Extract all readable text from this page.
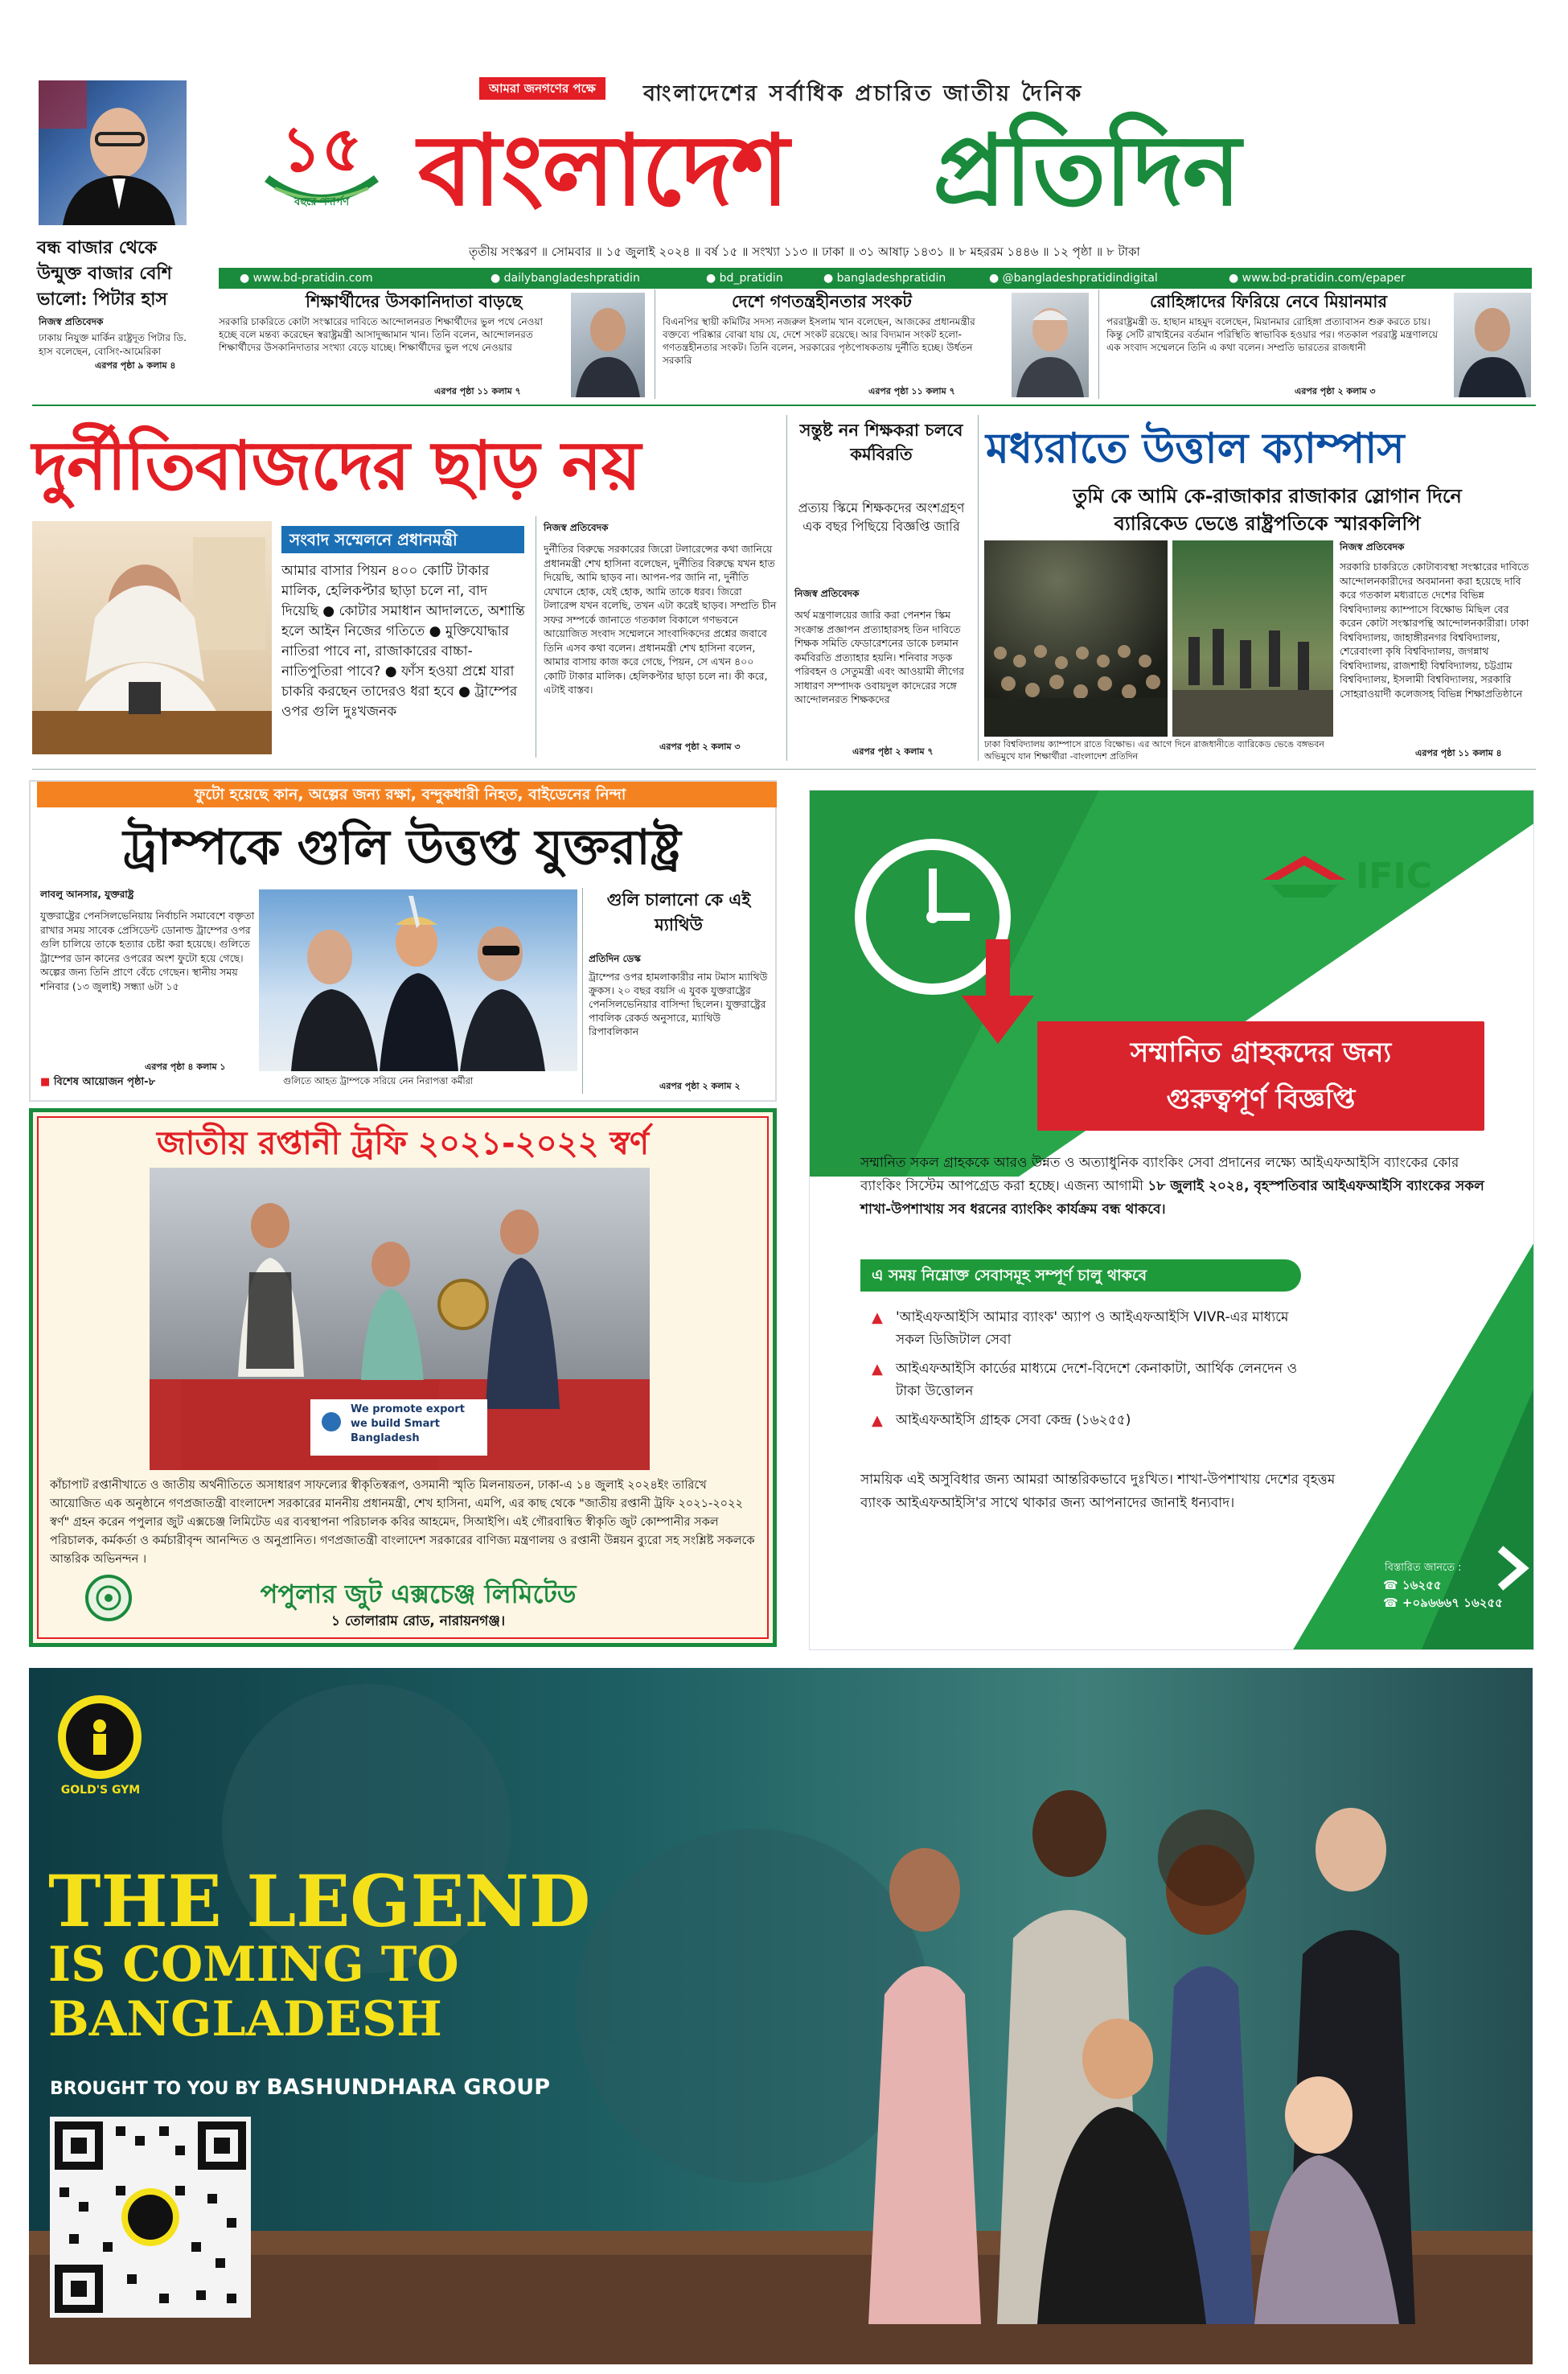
বন্ধ বাজার থেকে উন্মুক্ত বাজার বেশি ভালো: পিটার হাস
নিজস্ব প্রতিবেদক
ঢাকায় নিযুক্ত মার্কিন রাষ্ট্রদূত পিটার ডি. হাস বলেছেন, বোসিং-আমেরিকা
এরপর পৃষ্ঠা ৯ কলাম ৪
আমরা জনগণের পক্ষে	বাংলাদেশের সর্বাধিক প্রচারিত জাতীয় দৈনিক
১৫
বছরে পদার্পণ বাংলাদেশ প্রতিদিন
তৃতীয় সংস্করণ ॥ সোমবার ॥ ১৫ জুলাই ২০২৪ ॥ বর্ষ ১৫ ॥ সংখ্যা ১১৩ ॥ ঢাকা ॥ ৩১ আষাঢ় ১৪৩১ ॥ ৮ মহররম ১৪৪৬ ॥ ১২ পৃষ্ঠা ॥ ৮ টাকা
● www.bd-pratidin.com	● dailybangladeshpratidin	● bd_pratidin	● bangladeshpratidin	● @bangladeshpratidindigital	● www.bd-pratidin.com/epaper
শিক্ষার্থীদের উসকানিদাতা বাড়ছে
সরকারি চাকরিতে কোটা সংস্কারের দাবিতে আন্দোলনরত শিক্ষার্থীদের ভুল পথে নেওয়া হচ্ছে বলে মন্তব্য করেছেন স্বরাষ্ট্রমন্ত্রী আসাদুজ্জামান খান। তিনি বলেন, আন্দোলনরত শিক্ষার্থীদের উসকানিদাতার সংখ্যা বেড়ে যাচ্ছে। শিক্ষার্থীদের ভুল পথে নেওয়ার
এরপর পৃষ্ঠা ১১ কলাম ৭
দেশে গণতন্ত্রহীনতার সংকট
বিএনপির স্থায়ী কমিটির সদস্য নজরুল ইসলাম খান বলেছেন, আজকের প্রধানমন্ত্রীর বক্তব্যে পরিষ্কার বোঝা যায় যে, দেশে সংকট রয়েছে। আর বিদ্যমান সংকট হলো- গণতন্ত্রহীনতার সংকট। তিনি বলেন, সরকারের পৃষ্ঠপোষকতায় দুর্নীতি হচ্ছে। উর্ধতন সরকারি
এরপর পৃষ্ঠা ১১ কলাম ৭
রোহিঙ্গাদের ফিরিয়ে নেবে মিয়ানমার
পররাষ্ট্রমন্ত্রী ড. হাছান মাহমুদ বলেছেন, মিয়ানমার রোহিঙ্গা প্রত্যাবাসন শুরু করতে চায়। কিন্তু সেটি রাখাইনের বর্তমান পরিস্থিতি স্বাভাবিক হওয়ার পর। গতকাল পররাষ্ট্র মন্ত্রণালয়ে এক সংবাদ সম্মেলনে তিনি এ কথা বলেন। সম্প্রতি ভারতের রাজধানী
এরপর পৃষ্ঠা ২ কলাম ৩
দুর্নীতিবাজদের ছাড় নয়
সংবাদ সম্মেলনে প্রধানমন্ত্রী
আমার বাসার পিয়ন ৪০০ কোটি টাকার মালিক, হেলিকপ্টার ছাড়া চলে না, বাদ দিয়েছি ● কোটার সমাধান আদালতে, অশান্তি হলে আইন নিজের গতিতে ● মুক্তিযোদ্ধার নাতিরা পাবে না, রাজাকারের বাচ্চা-নাতিপুতিরা পাবে? ● ফাঁস হওয়া প্রশ্নে যারা চাকরি করছেন তাদেরও ধরা হবে ● ট্রাম্পের ওপর গুলি দুঃখজনক
নিজস্ব প্রতিবেদক
দুর্নীতির বিরুদ্ধে সরকারের জিরো টলারেন্সের কথা জানিয়ে প্রধানমন্ত্রী শেখ হাসিনা বলেছেন, দুর্নীতির বিরুদ্ধে যখন হাত দিয়েছি, আমি ছাড়ব না। আপন-পর জানি না, দুর্নীতি যেখানে হোক, যেই হোক, আমি তাকে ধরব। জিরো টলারেন্স যখন বলেছি, তখন এটা করেই ছাড়ব। সম্প্রতি চীন সফর সম্পর্কে জানাতে গতকাল বিকালে গণভবনে আয়োজিত সংবাদ সম্মেলনে সাংবাদিকদের প্রশ্নের জবাবে তিনি এসব কথা বলেন। প্রধানমন্ত্রী শেখ হাসিনা বলেন, আমার বাসায় কাজ করে গেছে, পিয়ন, সে এখন ৪০০ কোটি টাকার মালিক। হেলিকপ্টার ছাড়া চলে না। কী করে, এটাই বাস্তব।
এরপর পৃষ্ঠা ২ কলাম ৩
সন্তুষ্ট নন শিক্ষকরা চলবে কর্মবিরতি
প্রত্যয় স্কিমে শিক্ষকদের অংশগ্রহণ এক বছর পিছিয়ে বিজ্ঞপ্তি জারি
নিজস্ব প্রতিবেদক
অর্থ মন্ত্রণালয়ের জারি করা পেনশন স্কিম সংক্রান্ত প্রজ্ঞাপন প্রত্যাহারসহ তিন দাবিতে শিক্ষক সমিতি ফেডারেশনের ডাকে চলমান কর্মবিরতি প্রত্যাহার হয়নি। শনিবার সড়ক পরিবহন ও সেতুমন্ত্রী এবং আওয়ামী লীগের সাধারণ সম্পাদক ওবায়দুল কাদেরের সঙ্গে আন্দোলনরত শিক্ষকদের
এরপর পৃষ্ঠা ২ কলাম ৭
মধ্যরাতে উত্তাল ক্যাম্পাস
তুমি কে আমি কে-রাজাকার রাজাকার স্লোগান দিনে ব্যারিকেড ভেঙে রাষ্ট্রপতিকে স্মারকলিপি
ঢাকা বিশ্ববিদ্যালয় ক্যাম্পাসে রাতে বিক্ষোভ। এর আগে দিনে রাজধানীতে ব্যারিকেড ভেঙে বঙ্গভবন অভিমুখে যান শিক্ষার্থীরা -বাংলাদেশ প্রতিদিন
নিজস্ব প্রতিবেদক
সরকারি চাকরিতে কোটাব্যবস্থা সংস্কারের দাবিতে আন্দোলনকারীদের অবমাননা করা হয়েছে দাবি করে গতকাল মধ্যরাতে দেশের বিভিন্ন বিশ্ববিদ্যালয় ক্যাম্পাসে বিক্ষোভ মিছিল বের করেন কোটা সংস্কারপন্থি আন্দোলনকারীরা। ঢাকা বিশ্ববিদ্যালয়, জাহাঙ্গীরনগর বিশ্ববিদ্যালয়, শেরেবাংলা কৃষি বিশ্ববিদ্যালয়, জগন্নাথ বিশ্ববিদ্যালয়, রাজশাহী বিশ্ববিদ্যালয়, চট্টগ্রাম বিশ্ববিদ্যালয়, ইসলামী বিশ্ববিদ্যালয়, সরকারি সোহরাওয়ার্দী কলেজসহ বিভিন্ন শিক্ষাপ্রতিষ্ঠানে
এরপর পৃষ্ঠা ১১ কলাম ৪
ফুটো হয়েছে কান, অল্পের জন্য রক্ষা, বন্দুকধারী নিহত, বাইডেনের নিন্দা
ট্রাম্পকে গুলি উত্তপ্ত যুক্তরাষ্ট্র
লাবলু আনসার, যুক্তরাষ্ট্র
যুক্তরাষ্ট্রের পেনসিলভেনিয়ায় নির্বাচনি সমাবেশে বক্তৃতা রাখার সময় সাবেক প্রেসিডেন্ট ডোনাল্ড ট্রাম্পের ওপর গুলি চালিয়ে তাকে হত্যার চেষ্টা করা হয়েছে। গুলিতে ট্রাম্পের ডান কানের ওপরের অংশ ফুটো হয়ে গেছে। অল্পের জন্য তিনি প্রাণে বেঁচে গেছেন। স্থানীয় সময় শনিবার (১৩ জুলাই) সন্ধ্যা ৬টা ১৫
এরপর পৃষ্ঠা ৪ কলাম ১
■ বিশেষ আয়োজন পৃষ্ঠা-৮	গুলিতে আহত ট্রাম্পকে সরিয়ে নেন নিরাপত্তা কর্মীরা
গুলি চালানো কে এই ম্যাথিউ
প্রতিদিন ডেস্ক
ট্রাম্পের ওপর হামলাকারীর নাম টমাস ম্যাথিউ ক্রুকস। ২০ বছর বয়সি এ যুবক যুক্তরাষ্ট্রের পেনসিলভেনিয়ার বাসিন্দা ছিলেন। যুক্তরাষ্ট্রের পাবলিক রেকর্ড অনুসারে, ম্যাথিউ রিপাবলিকান
এরপর পৃষ্ঠা ২ কলাম ২
জাতীয় রপ্তানী ট্রফি ২০২১-২০২২ স্বর্ণ
We promote export we build Smart Bangladesh
কাঁচাপাট রপ্তানীখাতে ও জাতীয় অর্থনীতিতে অসাধারণ সাফল্যের স্বীকৃতিস্বরূপ, ওসমানী স্মৃতি মিলনায়তন, ঢাকা-এ ১৪ জুলাই ২০২৪ইং তারিখে আয়োজিত এক অনুষ্ঠানে গণপ্রজাতন্ত্রী বাংলাদেশ সরকারের মাননীয় প্রধানমন্ত্রী, শেখ হাসিনা, এমপি, এর কাছ থেকে "জাতীয় রপ্তানী ট্রফি ২০২১-২০২২ স্বর্ণ" গ্রহন করেন পপুলার জুট এক্সচেঞ্জ লিমিটেড এর ব্যবস্থাপনা পরিচালক কবির আহমেদ, সিআইপি। এই গৌরবান্বিত স্বীকৃতি জুট কোম্পানীর সকল পরিচালক, কর্মকর্তা ও কর্মচারীবৃন্দ আনন্দিত ও অনুপ্রানিত। গণপ্রজাতন্ত্রী বাংলাদেশ সরকারের বাণিজ্য মন্ত্রণালয় ও রপ্তানী উন্নয়ন ব্যুরো সহ সংশ্লিষ্ট সকলকে আন্তরিক অভিনন্দন ।
পপুলার জুট এক্সচেঞ্জ লিমিটেড
১ তোলারাম রোড, নারায়নগঞ্জ।
IFIC
সম্মানিত গ্রাহকদের জন্য
গুরুত্বপূর্ণ বিজ্ঞপ্তি
সম্মানিত সকল গ্রাহককে আরও উন্নত ও অত্যাধুনিক ব্যাংকিং সেবা প্রদানের লক্ষ্যে আইএফআইসি ব্যাংকের কোর ব্যাংকিং সিস্টেম আপগ্রেড করা হচ্ছে। এজন্য আগামী ১৮ জুলাই ২০২৪, বৃহস্পতিবার আইএফআইসি ব্যাংকের সকল শাখা-উপশাখায় সব ধরনের ব্যাংকিং কার্যক্রম বন্ধ থাকবে।
এ সময় নিম্নোক্ত সেবাসমূহ সম্পূর্ণ চালু থাকবে
▲ 'আইএফআইসি আমার ব্যাংক' অ্যাপ ও আইএফআইসি VIVR-এর মাধ্যমে সকল ডিজিটাল সেবা
▲ আইএফআইসি কার্ডের মাধ্যমে দেশে-বিদেশে কেনাকাটা, আর্থিক লেনদেন ও টাকা উত্তোলন
▲ আইএফআইসি গ্রাহক সেবা কেন্দ্র (১৬২৫৫)
সাময়িক এই অসুবিধার জন্য আমরা আন্তরিকভাবে দুঃখিত। শাখা-উপশাখায় দেশের বৃহত্তম ব্যাংক আইএফআইসি'র সাথে থাকার জন্য আপনাদের জানাই ধন্যবাদ।
বিস্তারিত জানতে :
☎ ১৬২৫৫
☎ +০৯৬৬৬৭ ১৬২৫৫
GOLD'S GYM
THE LEGEND
IS COMING TO
BANGLADESH
BROUGHT TO YOU BY BASHUNDHARA GROUP
